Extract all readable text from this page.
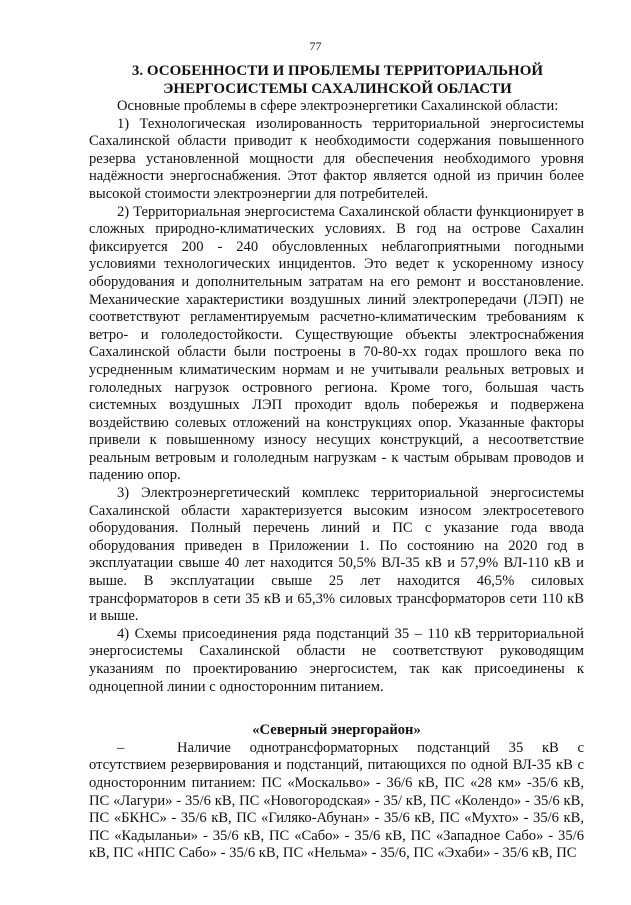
77
3. ОСОБЕННОСТИ И ПРОБЛЕМЫ ТЕРРИТОРИАЛЬНОЙ
ЭНЕРГОСИСТЕМЫ САХАЛИНСКОЙ ОБЛАСТИ

Основные проблемы в сфере электроэнергетики Сахалинской области:

1) Технологическая изолированность территориальной энергосистемы Сахалинской области приводит к необходимости содержания повышенного резерва установленной мощности для обеспечения необходимого уровня надёжности энергоснабжения. Этот фактор является одной из причин более высокой стоимости электроэнергии для потребителей.

2) Территориальная энергосистема Сахалинской области функционирует в сложных природно-климатических условиях. В год на острове Сахалин фиксируется 200 - 240 обусловленных неблагоприятными погодными условиями технологических инцидентов. Это ведет к ускоренному износу оборудования и дополнительным затратам на его ремонт и восстановление. Механические характеристики воздушных линий электропередачи (ЛЭП) не соответствуют регламентируемым расчетно-климатическим требованиям к ветро- и гололедостойкости. Существующие объекты электроснабжения Сахалинской области были построены в 70-80-хх годах прошлого века по усредненным климатическим нормам и не учитывали реальных ветровых и гололедных нагрузок островного региона. Кроме того, большая часть системных воздушных ЛЭП проходит вдоль побережья и подвержена воздействию солевых отложений на конструкциях опор. Указанные факторы привели к повышенному износу несущих конструкций, а несоответствие реальным ветровым и гололедным нагрузкам - к частым обрывам проводов и падению опор.

3) Электроэнергетический комплекс территориальной энергосистемы Сахалинской области характеризуется высоким износом электросетевого оборудования. Полный перечень линий и ПС с указание года ввода оборудования приведен в Приложении 1. По состоянию на 2020 год в эксплуатации свыше 40 лет находится 50,5% ВЛ-35 кВ и 57,9% ВЛ-110 кВ и выше. В эксплуатации свыше 25 лет находится 46,5% силовых трансформаторов в сети 35 кВ и 65,3% силовых трансформаторов сети 110 кВ и выше.

4) Схемы присоединения ряда подстанций 35 – 110 кВ территориальной энергосистемы Сахалинской области не соответствуют руководящим указаниям по проектированию энергосистем, так как присоединены к одноцепной линии с односторонним питанием.

«Северный энергорайон»

–	Наличие однотрансформаторных подстанций 35 кВ с отсутствием резервирования и подстанций, питающихся по одной ВЛ-35 кВ с односторонним питанием: ПС «Москальво» - 36/6 кВ, ПС «28 км» -35/6 кВ, ПС «Лагури» - 35/6 кВ, ПС «Новогородская» - 35/ кВ, ПС «Колендо» - 35/6 кВ, ПС «БКНС» - 35/6 кВ, ПС «Гиляко-Абунан» - 35/6 кВ, ПС «Мухто» - 35/6 кВ, ПС «Кадыланьи» - 35/6 кВ, ПС «Сабо» - 35/6 кВ, ПС «Западное Сабо» - 35/6 кВ, ПС «НПС Сабо» - 35/6 кВ, ПС «Нельма» - 35/6, ПС «Эхаби» - 35/6 кВ, ПС
